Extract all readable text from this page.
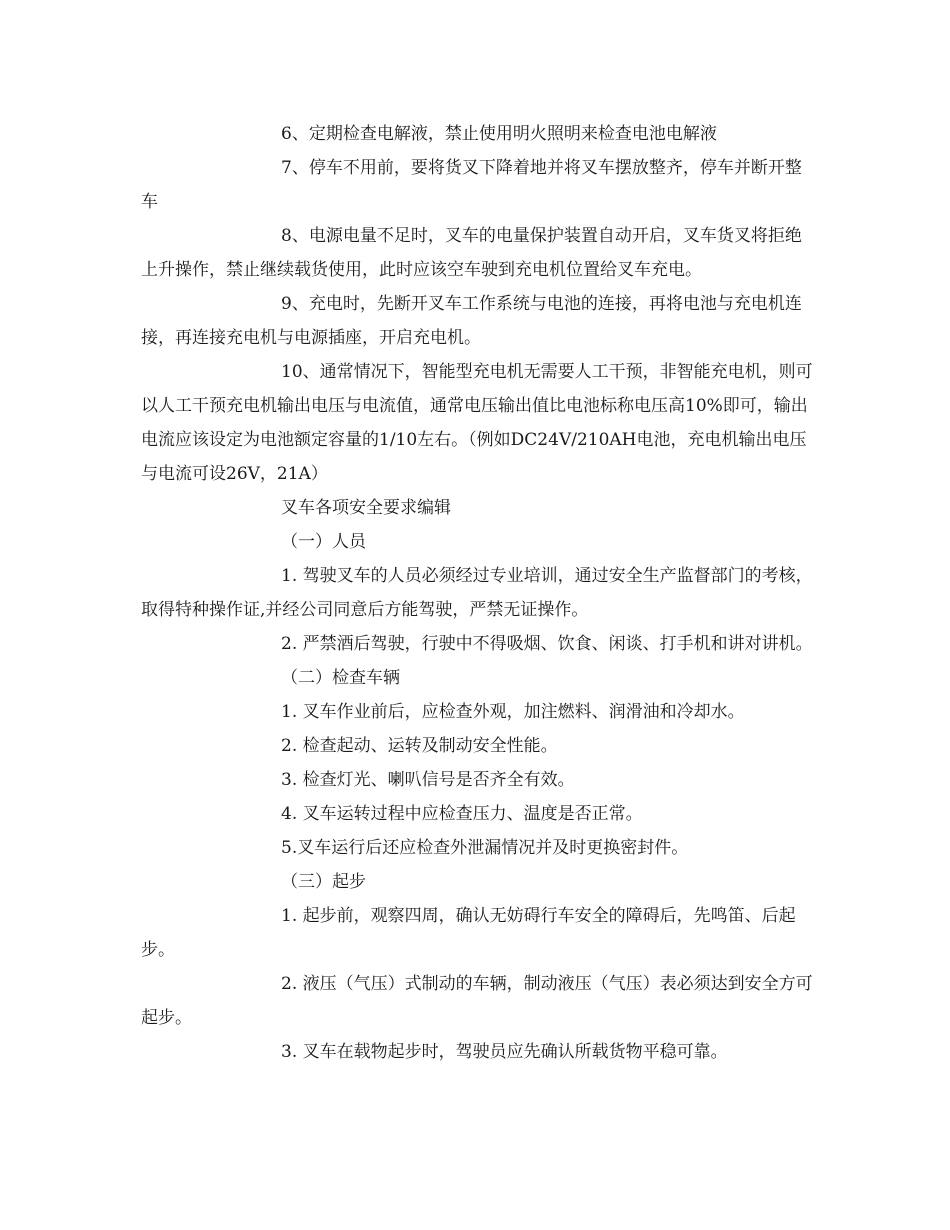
6、定期检查电解液，禁止使用明火照明来检查电池电解液

7、停车不用前，要将货叉下降着地并将叉车摆放整齐，停车并断开整车

8、电源电量不足时，叉车的电量保护装置自动开启，叉车货叉将拒绝上升操作，禁止继续载货使用，此时应该空车驶到充电机位置给叉车充电。

9、充电时，先断开叉车工作系统与电池的连接，再将电池与充电机连接，再连接充电机与电源插座，开启充电机。

10、通常情况下，智能型充电机无需要人工干预，非智能充电机，则可以人工干预充电机输出电压与电流值，通常电压输出值比电池标称电压高10%即可，输出电流应该设定为电池额定容量的1/10左右。（例如DC24V/210AH电池，充电机输出电压与电流可设26V，21A）

叉车各项安全要求编辑

（一）人员

1. 驾驶叉车的人员必须经过专业培训，通过安全生产监督部门的考核，取得特种操作证,并经公司同意后方能驾驶，严禁无证操作。

2. 严禁酒后驾驶，行驶中不得吸烟、饮食、闲谈、打手机和讲对讲机。

（二）检查车辆

1. 叉车作业前后，应检查外观，加注燃料、润滑油和冷却水。

2. 检查起动、运转及制动安全性能。

3. 检查灯光、喇叭信号是否齐全有效。

4. 叉车运转过程中应检查压力、温度是否正常。

5.叉车运行后还应检查外泄漏情况并及时更换密封件。

（三）起步

1. 起步前，观察四周，确认无妨碍行车安全的障碍后，先鸣笛、后起步。

2. 液压（气压）式制动的车辆，制动液压（气压）表必须达到安全方可起步。

3. 叉车在载物起步时，驾驶员应先确认所载货物平稳可靠。
